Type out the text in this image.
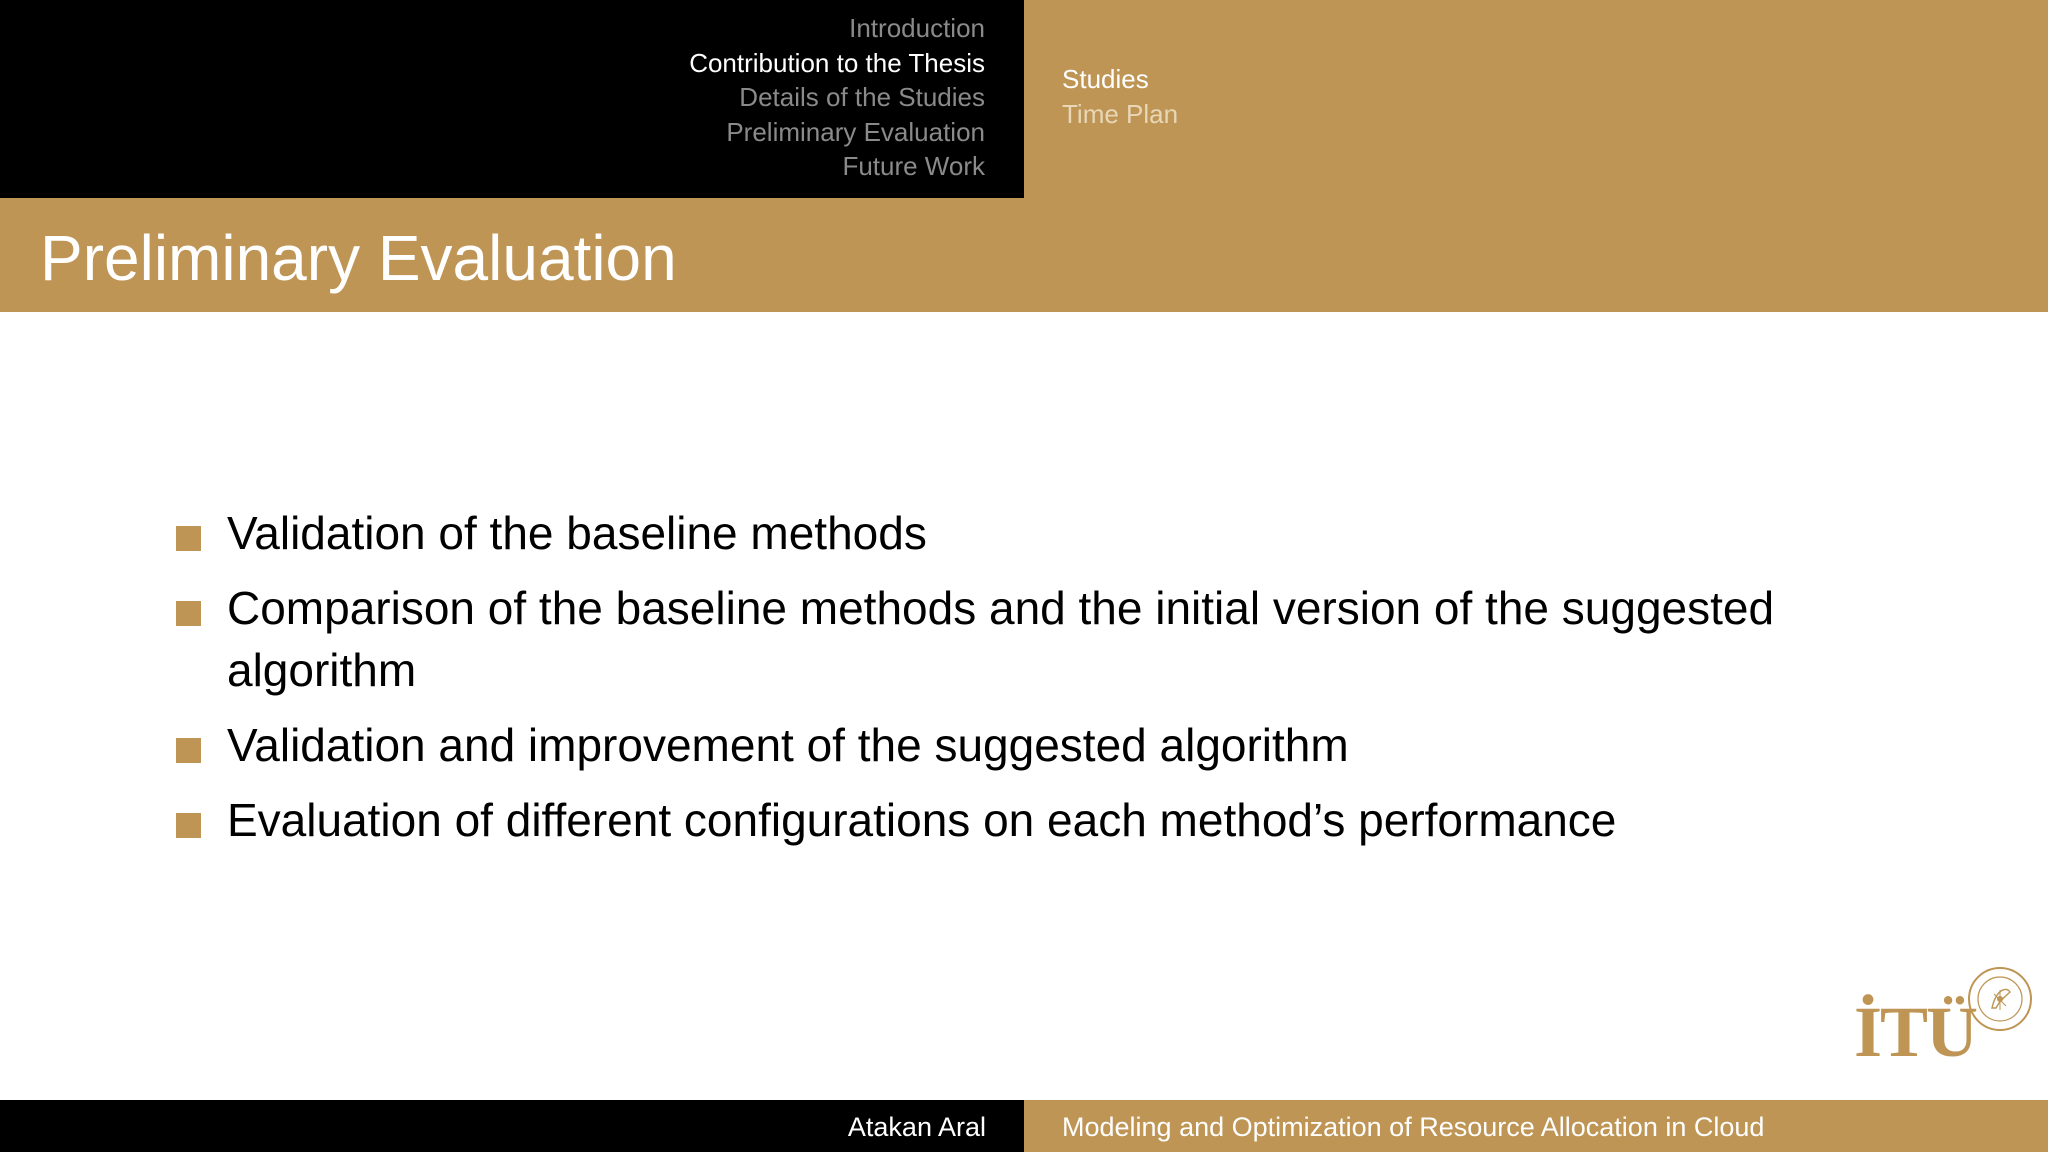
Introduction
Contribution to the Thesis
Details of the Studies
Preliminary Evaluation
Future Work
Studies
Time Plan
Preliminary Evaluation
Validation of the baseline methods
Comparison of the baseline methods and the initial version of the suggested algorithm
Validation and improvement of the suggested algorithm
Evaluation of different configurations on each method’s performance
İTÜ
Atakan Aral	Modeling and Optimization of Resource Allocation in Cloud
